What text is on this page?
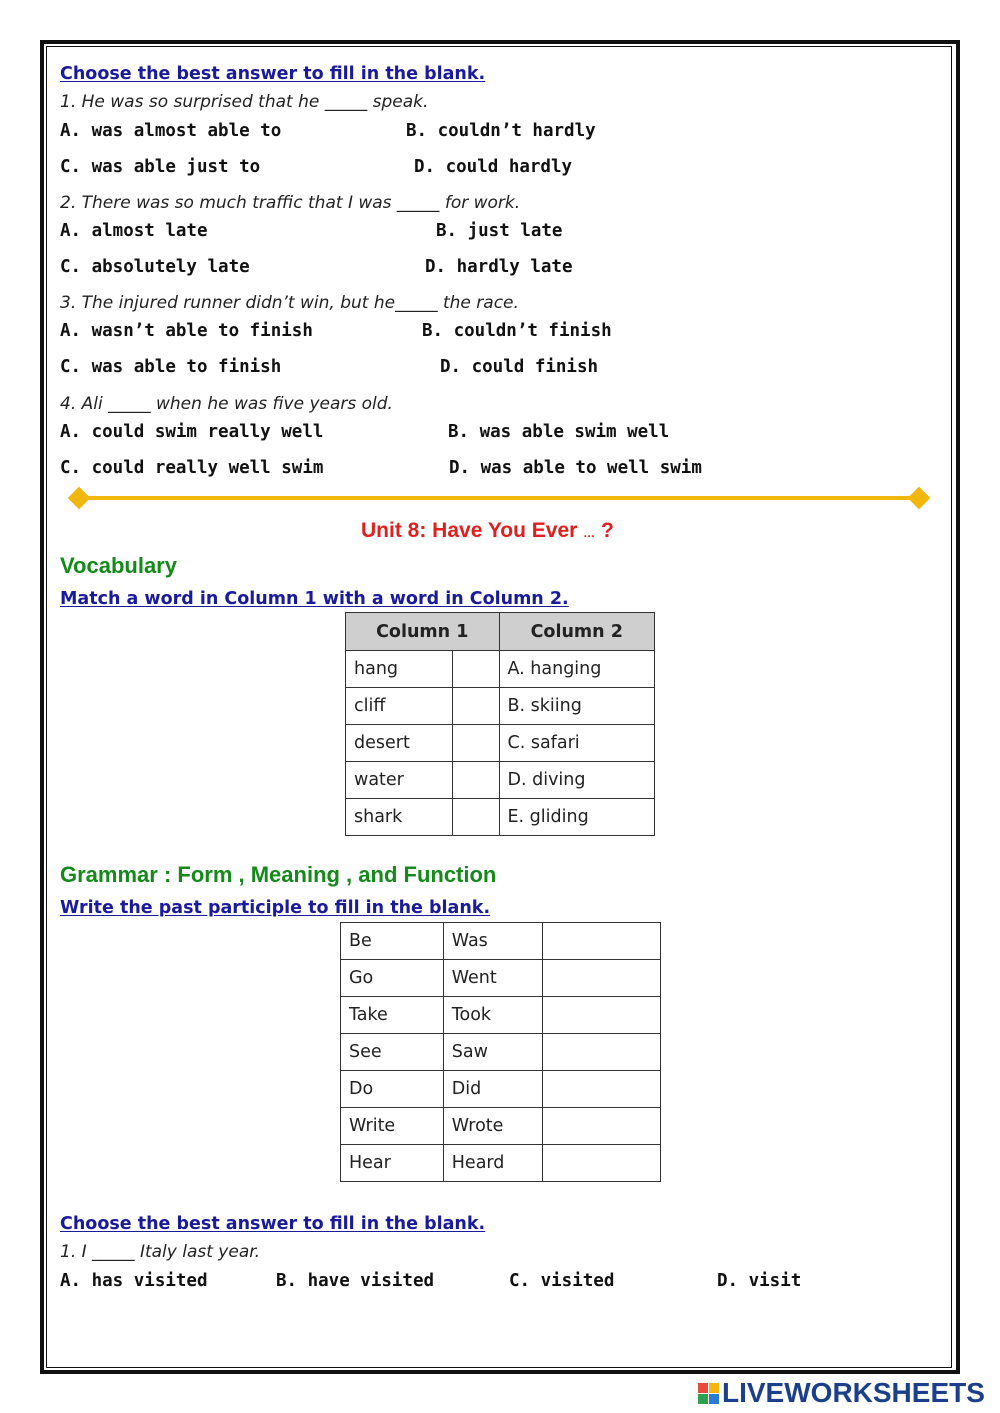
Choose the best answer to fill in the blank.
1. He was so surprised that he _____ speak.
A. was almost able to	B. couldn’t hardly
C. was able just to	D. could hardly
2. There was so much traffic that I was _____ for work.
A. almost late	B. just late
C. absolutely late	D. hardly late
3. The injured runner didn’t win, but he_____ the race.
A. wasn’t able to finish	B. couldn’t finish
C. was able to finish	D. could finish
4. Ali _____ when he was five years old.
A. could swim really well	B. was able swim well
C. could really well swim	D. was able to well swim
Unit 8: Have You Ever … ?
Vocabulary
Match a word in Column 1 with a word in Column 2.
Column 1		Column 2
hang		A. hanging
cliff		B. skiing
desert		C. safari
water		D. diving
shark		E. gliding
Grammar : Form , Meaning , and Function
Write the past participle to fill in the blank.
Be	Was	
Go	Went	
Take	Took	
See	Saw	
Do	Did	
Write	Wrote	
Hear	Heard	
Choose the best answer to fill in the blank.
1. I _____ Italy last year.
A. has visited	B. have visited	C. visited	D. visit
LIVEWORKSHEETS
